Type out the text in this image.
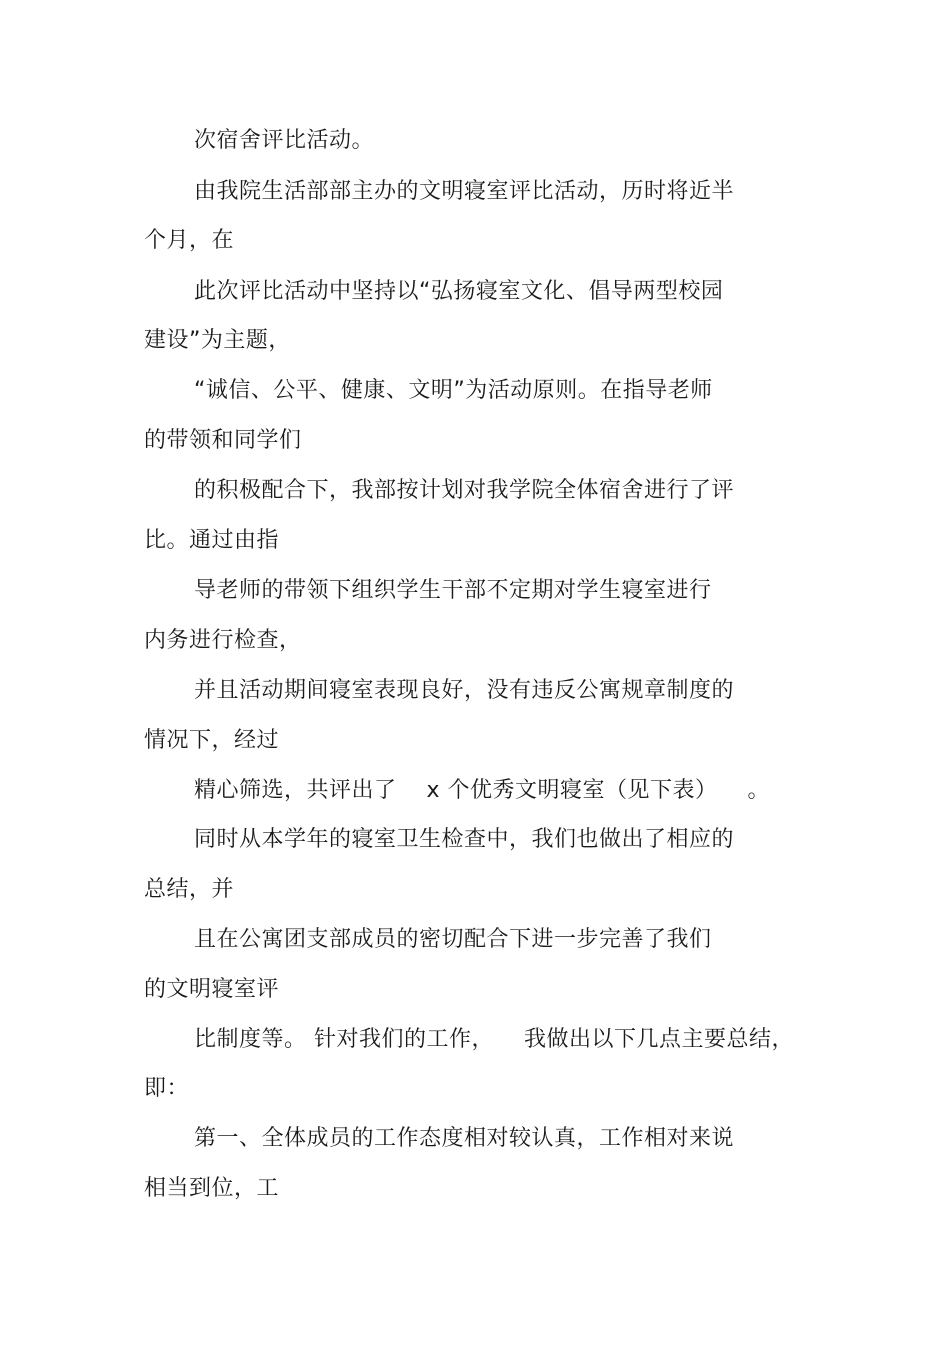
次宿舍评比活动。
由我院生活部部主办的文明寝室评比活动，历时将近半
个月，在
此次评比活动中坚持以“弘扬寝室文化、倡导两型校园
建设”为主题，
“诚信、公平、健康、文明”为活动原则。在指导老师
的带领和同学们
的积极配合下，我部按计划对我学院全体宿舍进行了评
比。通过由指
导老师的带领下组织学生干部不定期对学生寝室进行
内务进行检查，
并且活动期间寝室表现良好，没有违反公寓规章制度的
情况下，经过
精心筛选，共评出了    x 个优秀文明寝室（见下表）    。
同时从本学年的寝室卫生检查中，我们也做出了相应的
总结，并
且在公寓团支部成员的密切配合下进一步完善了我们
的文明寝室评
比制度等。 针对我们的工作，    我做出以下几点主要总结，
即：
第一、全体成员的工作态度相对较认真，工作相对来说
相当到位，工
